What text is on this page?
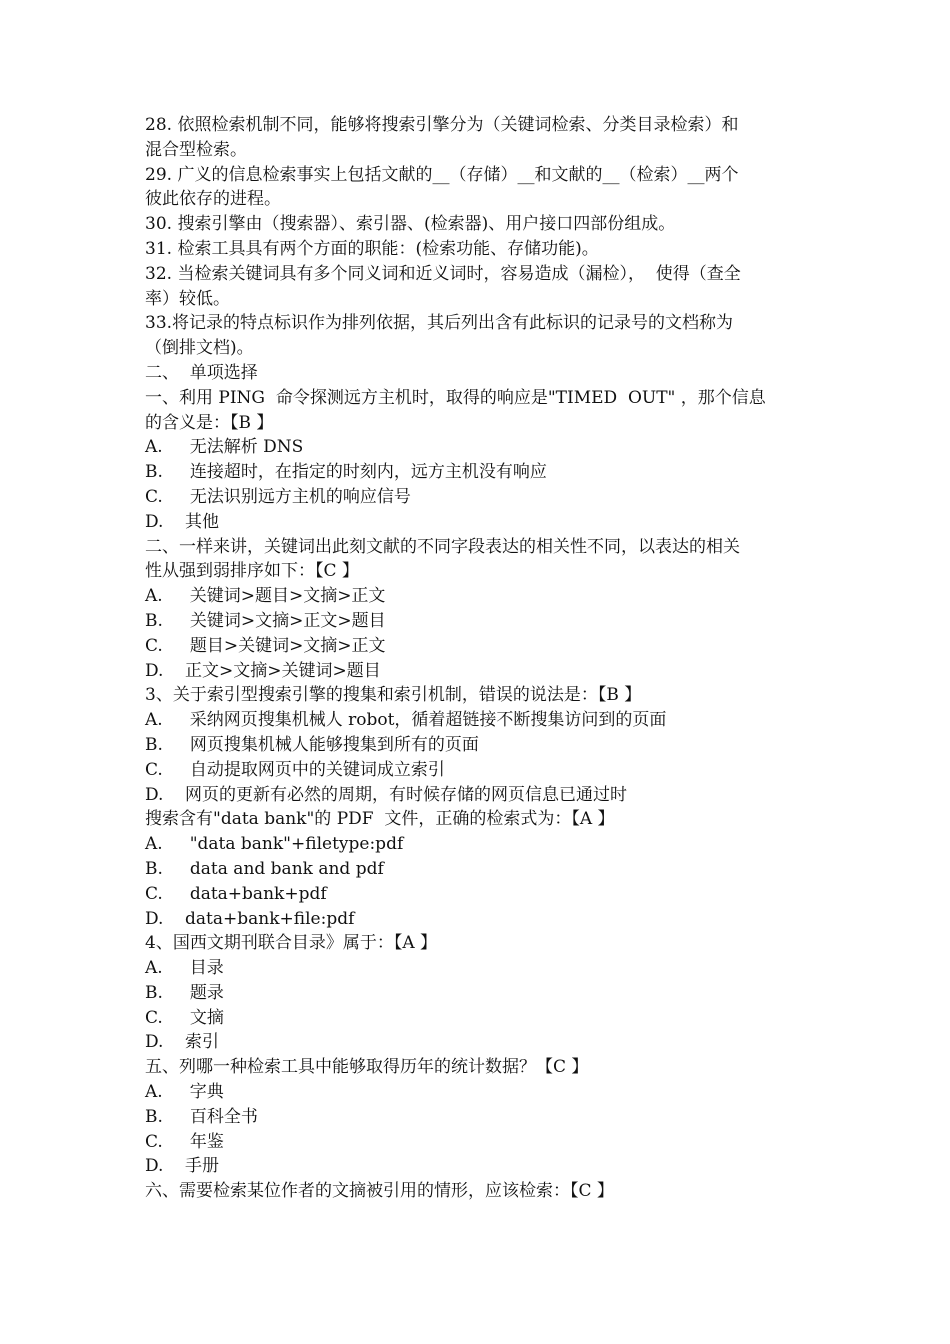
28. 依照检索机制不同，能够将搜索引擎分为（关键词检索、分类目录检索）和
混合型检索。
29. 广义的信息检索事实上包括文献的__（存储）__和文献的__（检索）__两个
彼此依存的进程。
30. 搜索引擎由（搜索器）、索引器、(检索器)、用户接口四部份组成。
31. 检索工具具有两个方面的职能：(检索功能、存储功能)。
32. 当检索关键词具有多个同义词和近义词时，容易造成（漏检），  使得（查全
率）较低。
33.将记录的特点标识作为排列依据，其后列出含有此标识的记录号的文档称为
（倒排文档)。
二、  单项选择
一、利用 PING  命令探测远方主机时，取得的响应是"TIMED  OUT" ，那个信息
的含义是：【B 】
A.     无法解析 DNS
B.     连接超时，在指定的时刻内，远方主机没有响应
C.     无法识别远方主机的响应信号
D.    其他
二、一样来讲，关键词出此刻文献的不同字段表达的相关性不同，以表达的相关
性从强到弱排序如下：【C 】
A.     关键词>题目>文摘>正文
B.     关键词>文摘>正文>题目
C.     题目>关键词>文摘>正文
D.    正文>文摘>关键词>题目
3、关于索引型搜索引擎的搜集和索引机制，错误的说法是：【B 】
A.     采纳网页搜集机械人 robot，循着超链接不断搜集访问到的页面
B.     网页搜集机械人能够搜集到所有的页面
C.     自动提取网页中的关键词成立索引
D.    网页的更新有必然的周期，有时候存储的网页信息已通过时
搜索含有"data bank"的 PDF  文件，正确的检索式为：【A 】
A.     "data bank"+filetype:pdf
B.     data and bank and pdf
C.     data+bank+pdf
D.    data+bank+file:pdf
4、国西文期刊联合目录》属于：【A 】
A.     目录
B.     题录
C.     文摘
D.    索引
五、列哪一种检索工具中能够取得历年的统计数据？【C 】
A.     字典
B.     百科全书
C.     年鉴
D.    手册
六、需要检索某位作者的文摘被引用的情形，应该检索：【C 】
